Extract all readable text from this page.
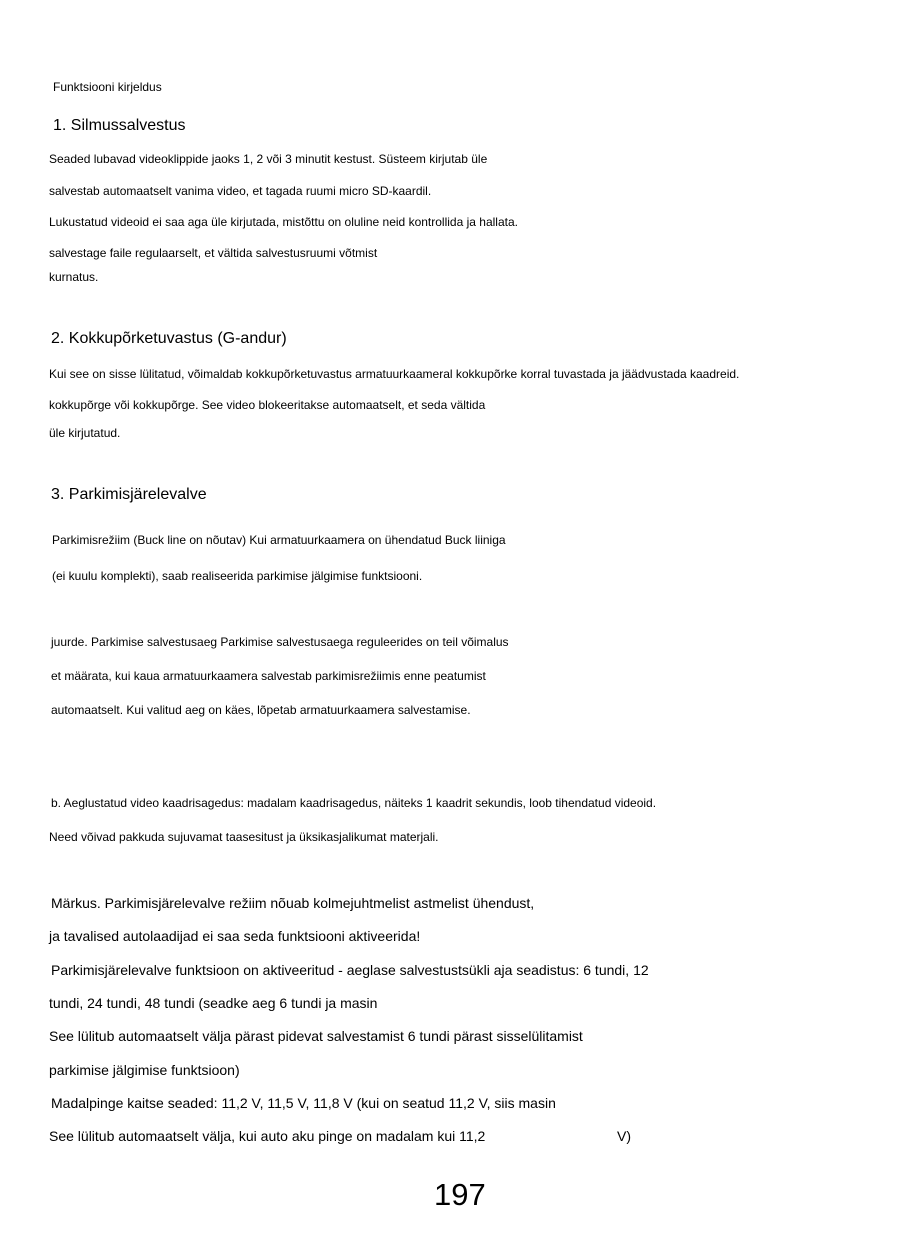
Funktsiooni kirjeldus
1. Silmussalvestus
Seaded lubavad videoklippide jaoks 1, 2 või 3 minutit kestust. Süsteem kirjutab üle
salvestab automaatselt vanima video, et tagada ruumi micro SD-kaardil.
Lukustatud videoid ei saa aga üle kirjutada, mistõttu on oluline neid kontrollida ja hallata.
salvestage faile regulaarselt, et vältida salvestusruumi võtmist
kurnatus.
2. Kokkupõrketuvastus (G-andur)
Kui see on sisse lülitatud, võimaldab kokkupõrketuvastus armatuurkaameral kokkupõrke korral tuvastada ja jäädvustada kaadreid.
kokkupõrge või kokkupõrge. See video blokeeritakse automaatselt, et seda vältida
üle kirjutatud.
3. Parkimisjärelevalve
Parkimisrežiim (Buck line on nõutav) Kui armatuurkaamera on ühendatud Buck liiniga
(ei kuulu komplekti), saab realiseerida parkimise jälgimise funktsiooni.
juurde. Parkimise salvestusaeg Parkimise salvestusaega reguleerides on teil võimalus
et määrata, kui kaua armatuurkaamera salvestab parkimisrežiimis enne peatumist
automaatselt. Kui valitud aeg on käes, lõpetab armatuurkaamera salvestamise.
b. Aeglustatud video kaadrisagedus: madalam kaadrisagedus, näiteks 1 kaadrit sekundis, loob tihendatud videoid.
Need võivad pakkuda sujuvamat taasesitust ja üksikasjalikumat materjali.
Märkus. Parkimisjärelevalve režiim nõuab kolmejuhtmelist astmelist ühendust,
ja tavalised autolaadijad ei saa seda funktsiooni aktiveerida!
Parkimisjärelevalve funktsioon on aktiveeritud - aeglase salvestustsükli aja seadistus: 6 tundi, 12
tundi, 24 tundi, 48 tundi (seadke aeg 6 tundi ja masin
See lülitub automaatselt välja pärast pidevat salvestamist 6 tundi pärast sisselülitamist
parkimise jälgimise funktsioon)
Madalpinge kaitse seaded: 11,2 V, 11,5 V, 11,8 V (kui on seatud 11,2 V, siis masin
See lülitub automaatselt välja, kui auto aku pinge on madalam kui 11,2	V)
197
